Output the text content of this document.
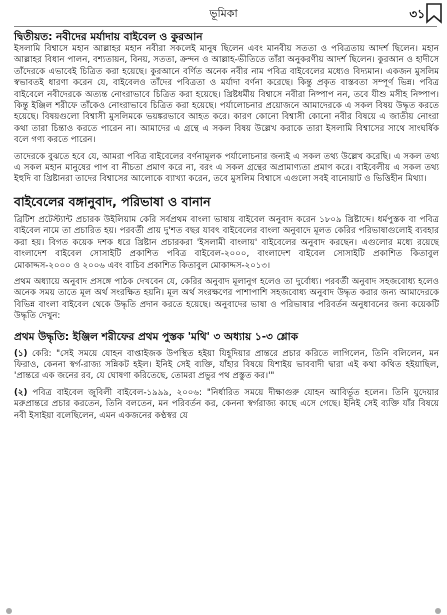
ভূমিকা	৩১
দ্বিতীয়ত: নবীদের মর্যাদায় বাইবেল ও কুরআন

ইসলামি বিশ্বাসে মহান আল্লাহর মহান নবীরা সকলেই মানুষ ছিলেন এবং মানবীয় সততা ও পবিত্রতায় আদর্শ ছিলেন। মহান আল্লাহর বিধান পালন, বশ্যতায়ন, বিনয়, সততা, ক্রন্দন ও আল্লাহ-ভীতিতে তাঁরা অনুকরণীয় আদর্শ ছিলেন। কুরআন ও হাদীসে তাঁদেরকে এভাবেই চিত্রিত করা হয়েছে। কুরআনে বর্ণিত অনেক নবীর নাম পবিত্র বাইবেলের মধ্যেও বিদ্যমান। একজন মুসলিম স্বভাবতই ধারণা করেন যে, বাইবেলও তাঁদের পবিত্রতা ও মর্যাদা বর্ণনা করেছে। কিন্তু প্রকৃত বাস্তবতা সম্পূর্ণ ভিন্ন। পবিত্র বাইবেলে নবীদেরকে অত্যন্ত নোংরাভাবে চিত্রিত করা হয়েছে। খ্রিষ্টধর্মীয় বিশ্বাসে নবীরা নিষ্পাপ নন, তবে যীশু মসীহ নিষ্পাপ। কিন্তু ইঞ্জিল শরীফে তাঁকেও নোংরাভাবে চিত্রিত করা হয়েছে। পর্যালোচনার প্রয়োজনে আমাদেরকে এ সকল বিষয় উদ্ধৃত করতে হয়েছে। বিষয়গুলো বিশ্বাসী মুসলিমকে ভয়ঙ্করভাবে আহত করে। কারণ কোনো বিশ্বাসী কোনো নবীর বিষয়ে এ জাতীয় নোংরা কথা তারা চিন্তাও করতে পারেন না। আমাদের এ গ্রন্থে এ সকল বিষয় উল্লেখ করাকে তারা ইসলামি বিশ্বাসের সাথে সাংঘর্ষিক বলে গণ্য করতে পারেন।

তাদেরকে বুঝতে হবে যে, আমরা পবিত্র বাইবেলের বর্ণনামূলক পর্যালোচনার জন্যই এ সকল তথ্য উল্লেখ করেছি। এ সকল তথ্য এ সকল মহান মানুষের পাপ বা নীচতা প্রমাণ করে না, বরং এ সকল গ্রন্থের অপ্রামাণ্যতা প্রমাণ করে। বাইবেলীয় এ সকল তথ্য ইহুদি বা খ্রিষ্টানরা তাদের বিশ্বাসের আলোকে ব্যাখ্যা করেন, তবে মুসলিম বিশ্বাসে এগুলো সবই বানোয়াট ও ভিত্তিহীন মিথ্যা।

বাইবেলের বঙ্গানুবাদ, পরিভাষা ও বানান

ব্রিটিশ প্রটেস্ট্যান্ট প্রচারক উইলিয়াম কেরি সর্বপ্রথম বাংলা ভাষায় বাইবেল অনুবাদ করেন ১৮০৯ খ্রিষ্টাব্দে। ধর্মপুস্তক বা পবিত্র বাইবেল নামে তা প্রচারিত হয়। পরবর্তী প্রায় দু'শত বছর যাবৎ বাইবেলের বাংলা অনুবাদে মূলত কেরির পরিভাষাগুলোই ব্যবহার করা হয়। বিগত কয়েক দশক ধরে খ্রিষ্টান প্রচারকরা 'ইসলামী বাংলায়' বাইবেলের অনুবাদ করছেন। এগুলোর মধ্যে রয়েছে বাংলাদেশ বাইবেল সোসাইটি প্রকাশিত পবিত্র বাইবেল-২০০০, বাংলাদেশ বাইবেল সোসাইটি প্রকাশিত কিতাবুল মোকাদ্দস-২০০০ ও ২০০৬ এবং বাচিব প্রকাশিত কিতাবুল মোকাদ্দস-২০১৩।

প্রথম অধ্যায়ে অনুবাদ প্রসঙ্গে পাঠক দেখবেন যে, কেরির অনুবাদ মূলানুগ হলেও তা দুর্বোধ্য। পরবর্তী অনুবাদ সহজবোধ্য হলেও অনেক সময় তাতে মূল অর্থ সংরক্ষিত হয়নি। মূল অর্থ সংরক্ষণের পাশাপাশি সহজবোধ্য অনুবাদ উদ্ধৃত করার জন্য আমাদেরকে বিভিন্ন বাংলা বাইবেল থেকে উদ্ধৃতি প্রদান করতে হয়েছে। অনুবাদের ভাষা ও পরিভাষার পরিবর্তন অনুধাবনের জন্য কয়েকটি উদ্ধৃতি দেখুন:

প্রথম উদ্ধৃতি: ইঞ্জিল শরীফের প্রথম পুস্তক 'মথি' ৩ অধ্যায় ১-৩ শ্লোক

(১) কেরি: "সেই সময়ে যোহন বাপ্তাইজক উপস্থিত হইয়া যিহূদিয়ার প্রান্তরে প্রচার করিতে লাগিলেন, তিনি বলিলেন, মন ফিরাও, কেননা স্বর্গ-রাজ্য সন্নিকট হইল। ইনিই সেই ব্যক্তি, যাঁহার বিষয়ে যিশাইয় ভাববাদী দ্বারা এই কথা কথিত হইয়াছিল, 'প্রান্তরে এক জনের রব, যে ঘোষণা করিতেছে, তোমরা প্রভুর পথ প্রস্তুত কর।'"

(২) পবিত্র বাইবেল জুবিলী বাইবেল-১৯৯৯, ২০০৬: "নির্ধারিত সময়ে দীক্ষাগুরু যোহন আবির্ভূত হলেন। তিনি যুদেয়ার মরুপ্রান্তরে প্রচার করতেন, তিনি বলতেন, মন পরিবর্তন কর, কেননা স্বর্গরাজ্য কাছে এসে গেছে। ইনিই সেই ব্যক্তি যাঁর বিষয়ে নবী ইসাইয়া বলেছিলেন, এমন একজনের কণ্ঠস্বর যে
